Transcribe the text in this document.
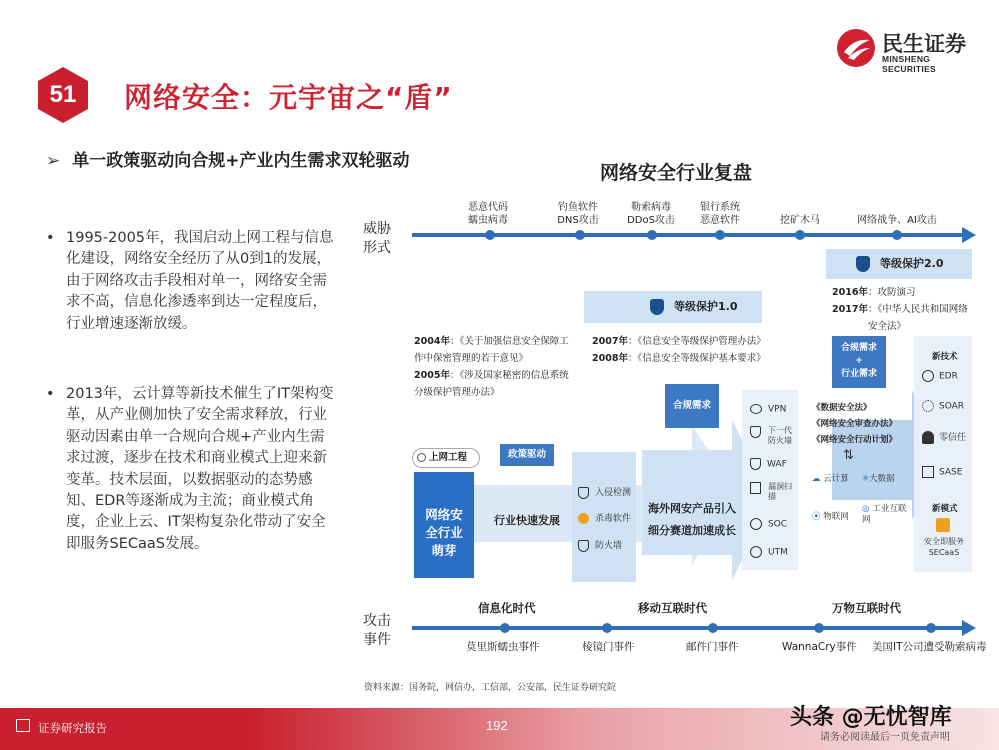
51	网络安全：元宇宙之“盾”
民生证券
MINSHENG SECURITIES
➢ 单一政策驱动向合规+产业内生需求双轮驱动
• 1995-2005年，我国启动上网工程与信息化建设，网络安全经历了从0到1的发展，由于网络攻击手段相对单一，网络安全需求不高，信息化渗透率到达一定程度后，行业增速逐渐放缓。
• 2013年，云计算等新技术催生了IT架构变革，从产业侧加快了安全需求释放，行业驱动因素由单一合规向合规+产业内生需求过渡，逐步在技术和商业模式上迎来新变革。技术层面，以数据驱动的态势感知、EDR等逐渐成为主流；商业模式角度，企业上云、IT架构复杂化带动了安全即服务SECaaS发展。
网络安全行业复盘
威胁形式
恶意代码
蠕虫病毒
钓鱼软件
DNS攻击
勒索病毒
DDoS攻击
银行系统
恶意软件	挖矿木马	网络战争、AI攻击
等级保护2.0
2016年：攻防演习
2017年：《中华人民共和国网络
安全法》
等级保护1.0
2004年：《关于加强信息安全保障工
作中保密管理的若干意见》
2005年：《涉及国家秘密的信息系统
分级保护管理办法》
2007年：《信息安全等级保护管理办法》
2008年：《信息安全等级保护基本要求》
上网工程
网络安全行业萌芽
政策驱动
行业快速发展
入侵检测
杀毒软件
防火墙
合规需求
海外网安产品引入
细分赛道加速成长
VPN
下一代防火墙
WAF
漏洞扫描
SOC
UTM
合规需求
+
行业需求
《数据安全法》
《网络安全审查办法》
《网络安全行动计划》
⇅
☁ 云计算 ✳大数据
⦿ 物联网
◎ 工业互联网
新技术
EDR
SOAR
零信任
SASE
新模式
安全即服务SECaaS
信息化时代	移动互联时代	万物互联时代
攻击事件	莫里斯蠕虫事件	棱镜门事件	邮件门事件	WannaCry事件 美国IT公司遭受勒索病毒
资料来源：国务院，网信办，工信部，公安部，民生证券研究院
证券研究报告	192
请务必阅读最后一页免责声明
头条 @无忧智库
